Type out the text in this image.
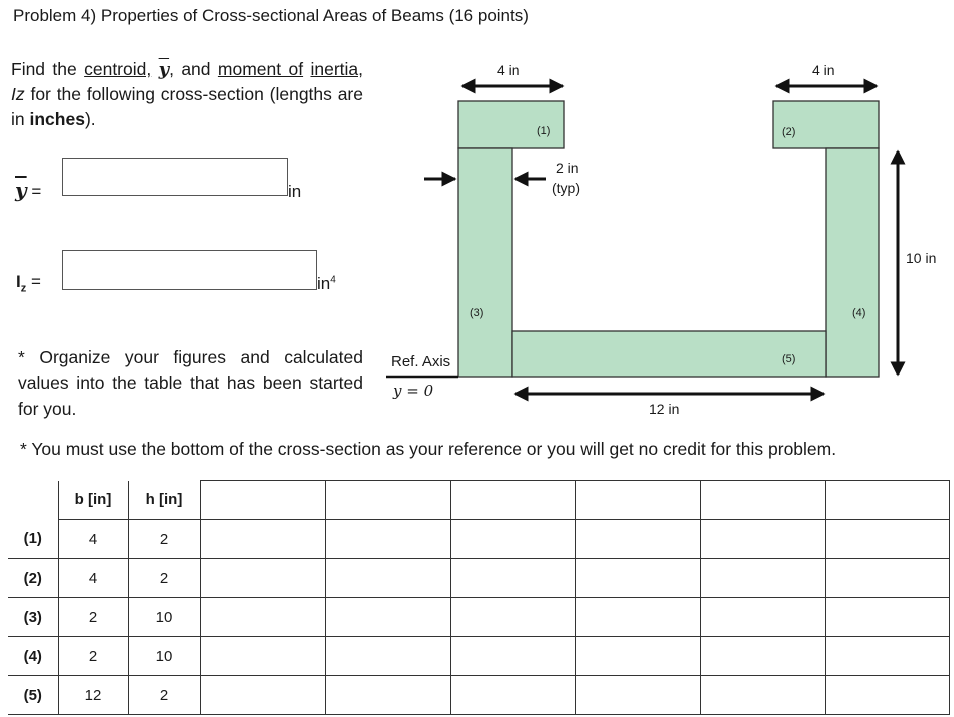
Problem 4) Properties of Cross-sectional Areas of Beams (16 points)
Find the centroid, $\overline{y}$, and moment of inertia, Iz for the following cross-section (lengths are in inches).
$\overline{y}$ =	in
$I_z$ =	$in^4$
* Organize your figures and calculated values into the table that has been started for you.
* You must use the bottom of the cross-section as your reference or you will get no credit for this problem.
4 in	4 in
2 in
(typ)
10 in
12 in
Ref. Axis
y = 0
(1)	(2)
(3)	(4)
(5)
	b [in]	h [in]						
(1)	4	2						
(2)	4	2						
(3)	2	10						
(4)	2	10						
(5)	12	2						
